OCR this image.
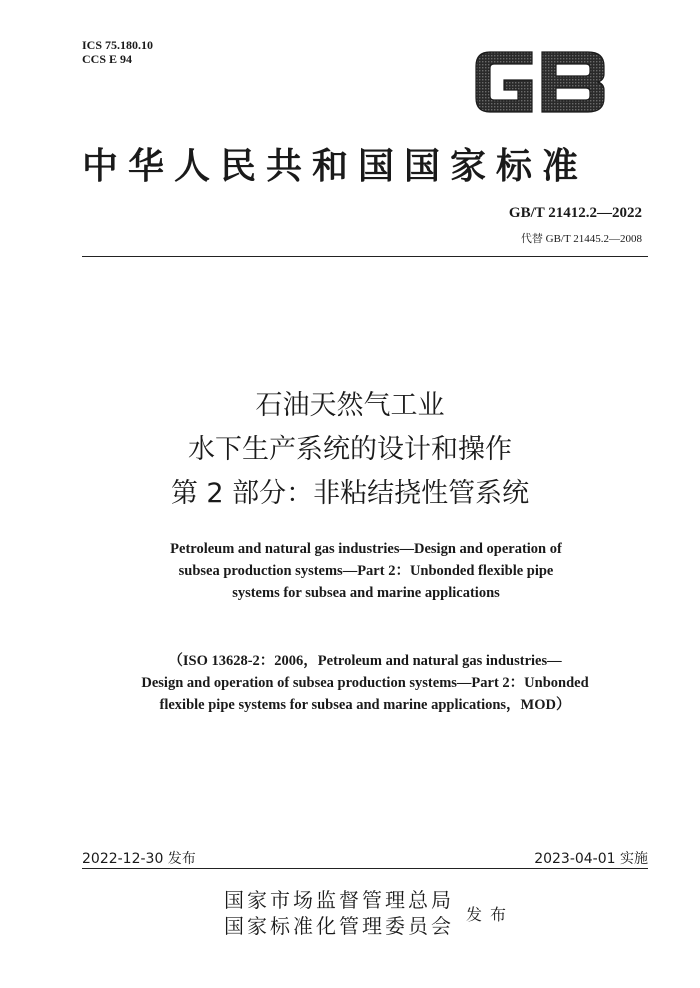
ICS 75.180.10
CCS E 94
GB
中华人民共和国国家标准
GB/T 21412.2—2022
代替 GB/T 21445.2—2008
石油天然气工业
水下生产系统的设计和操作
第 2 部分：非粘结挠性管系统
Petroleum and natural gas industries—Design and operation of
subsea production systems—Part 2：Unbonded flexible pipe
systems for subsea and marine applications
（ISO 13628-2：2006，Petroleum and natural gas industries—
Design and operation of subsea production systems—Part 2：Unbonded
flexible pipe systems for subsea and marine applications，MOD）
2022-12-30 发布	2023-04-01 实施
国家市场监督管理总局
国家标准化管理委员会 发布
